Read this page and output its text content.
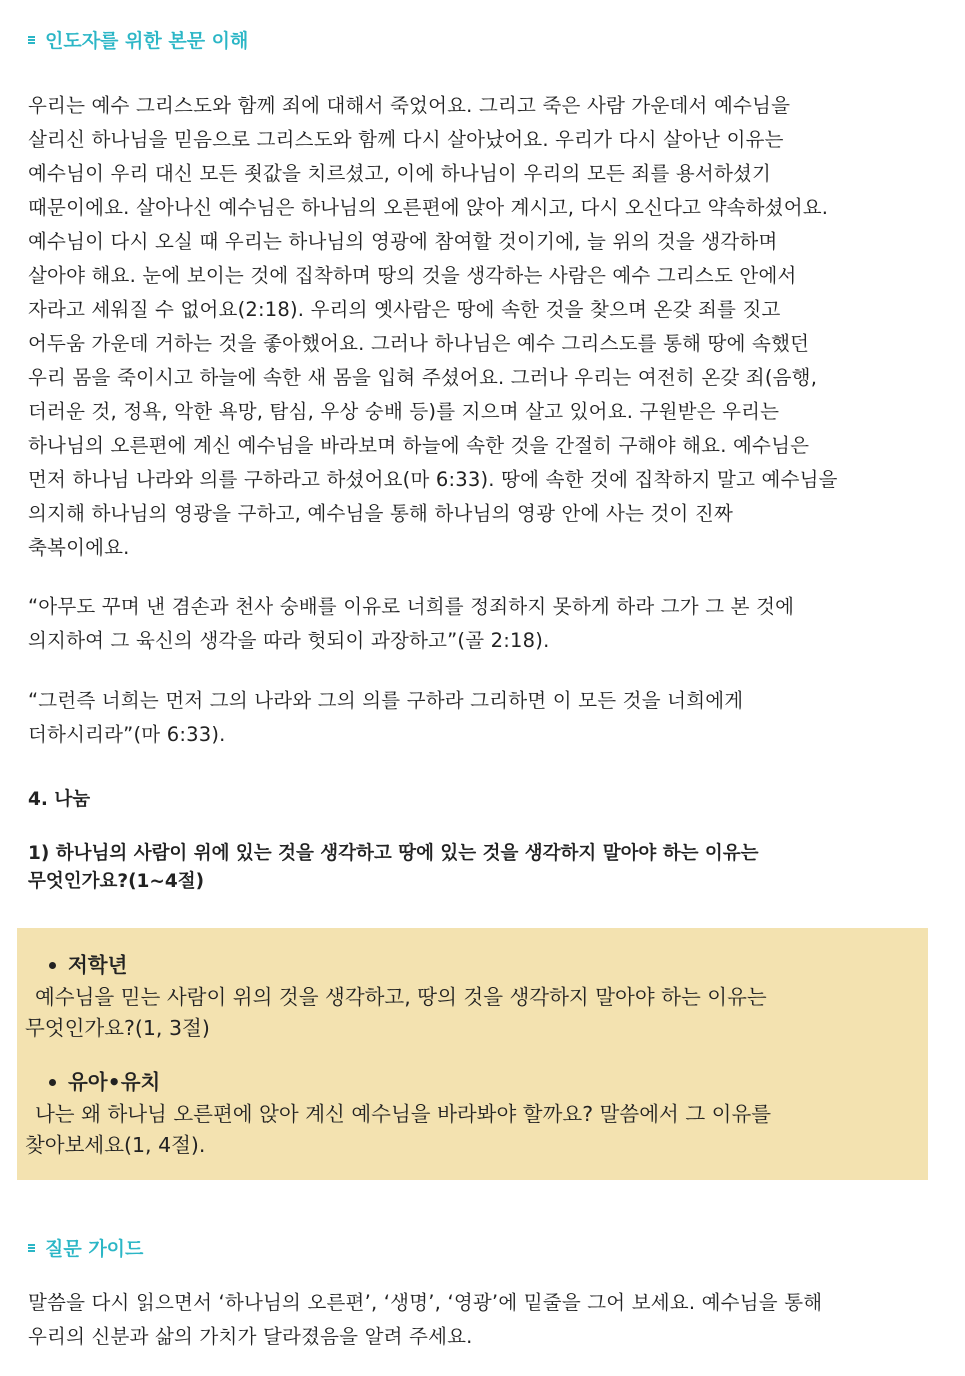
인도자를 위한 본문 이해

우리는 예수 그리스도와 함께 죄에 대해서 죽었어요. 그리고 죽은 사람 가운데서 예수님을
살리신 하나님을 믿음으로 그리스도와 함께 다시 살아났어요. 우리가 다시 살아난 이유는
예수님이 우리 대신 모든 죗값을 치르셨고, 이에 하나님이 우리의 모든 죄를 용서하셨기
때문이에요. 살아나신 예수님은 하나님의 오른편에 앉아 계시고, 다시 오신다고 약속하셨어요.
예수님이 다시 오실 때 우리는 하나님의 영광에 참여할 것이기에, 늘 위의 것을 생각하며
살아야 해요. 눈에 보이는 것에 집착하며 땅의 것을 생각하는 사람은 예수 그리스도 안에서
자라고 세워질 수 없어요(2:18). 우리의 옛사람은 땅에 속한 것을 찾으며 온갖 죄를 짓고
어두움 가운데 거하는 것을 좋아했어요. 그러나 하나님은 예수 그리스도를 통해 땅에 속했던
우리 몸을 죽이시고 하늘에 속한 새 몸을 입혀 주셨어요. 그러나 우리는 여전히 온갖 죄(음행,
더러운 것, 정욕, 악한 욕망, 탐심, 우상 숭배 등)를 지으며 살고 있어요. 구원받은 우리는
하나님의 오른편에 계신 예수님을 바라보며 하늘에 속한 것을 간절히 구해야 해요. 예수님은
먼저 하나님 나라와 의를 구하라고 하셨어요(마 6:33). 땅에 속한 것에 집착하지 말고 예수님을
의지해 하나님의 영광을 구하고, 예수님을 통해 하나님의 영광 안에 사는 것이 진짜
축복이에요.

“아무도 꾸며 낸 겸손과 천사 숭배를 이유로 너희를 정죄하지 못하게 하라 그가 그 본 것에
의지하여 그 육신의 생각을 따라 헛되이 과장하고”(골 2:18).

“그런즉 너희는 먼저 그의 나라와 그의 의를 구하라 그리하면 이 모든 것을 너희에게
더하시리라”(마 6:33).

4. 나눔
1) 하나님의 사람이 위에 있는 것을 생각하고 땅에 있는 것을 생각하지 말아야 하는 이유는
무엇인가요?(1~4절)
저학년
예수님을 믿는 사람이 위의 것을 생각하고, 땅의 것을 생각하지 말아야 하는 이유는
무엇인가요?(1, 3절)
유아•유치
나는 왜 하나님 오른편에 앉아 계신 예수님을 바라봐야 할까요? 말씀에서 그 이유를
찾아보세요(1, 4절).
질문 가이드

말씀을 다시 읽으면서 ‘하나님의 오른편’, ‘생명’, ‘영광’에 밑줄을 그어 보세요. 예수님을 통해
우리의 신분과 삶의 가치가 달라졌음을 알려 주세요.
